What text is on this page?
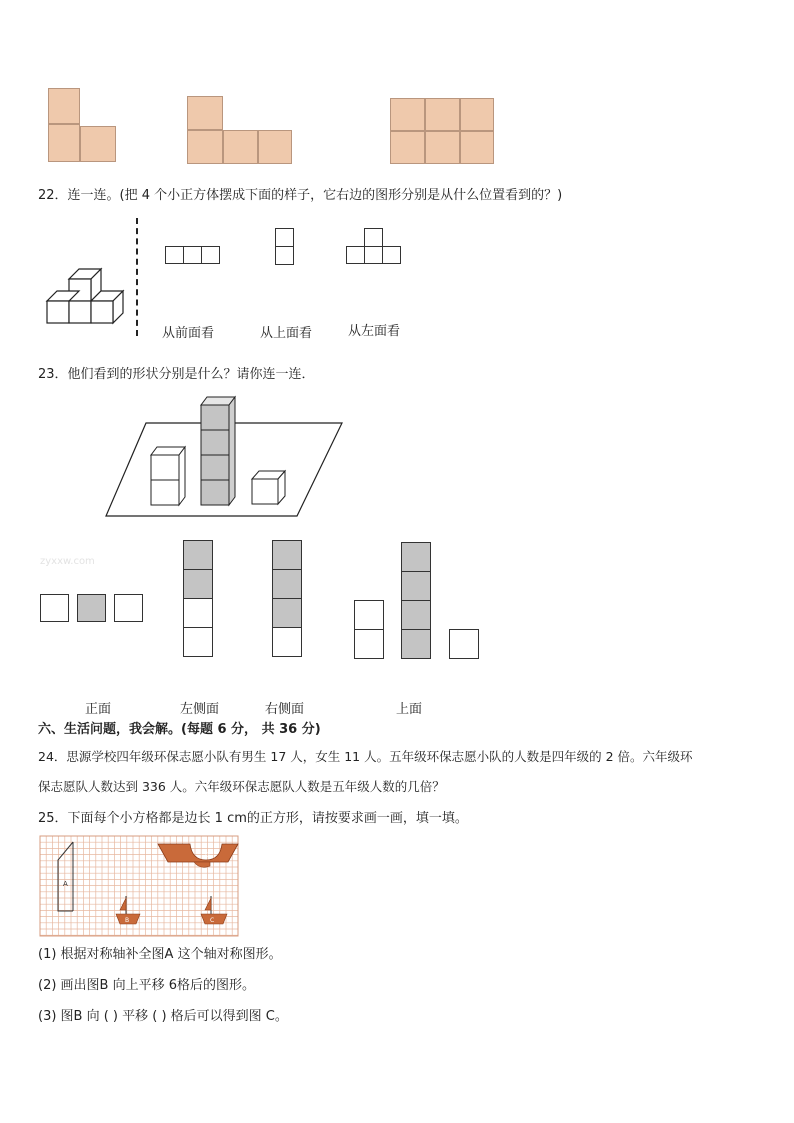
22．连一连。(把 4 个小正方体摆成下面的样子，它右边的图形分别是从什么位置看到的？)
从前面看	从上面看	从左面看
23．他们看到的形状分别是什么？请你连一连．
zyxxw.com
正面	左侧面	右侧面	上面
六、生活问题，我会解。(每题 6 分， 共 36 分)
24．思源学校四年级环保志愿小队有男生 17 人，女生 11 人。五年级环保志愿小队的人数是四年级的 2 倍。六年级环
保志愿队人数达到 336 人。六年级环保志愿队人数是五年级人数的几倍？
25．下面每个小方格都是边长 1 cm的正方形，请按要求画一画，填一填。
A
D
B	C
(1) 根据对称轴补全图A 这个轴对称图形。
(2) 画出图B 向上平移 6格后的图形。
(3) 图B 向 ( ) 平移 ( ) 格后可以得到图 C。
